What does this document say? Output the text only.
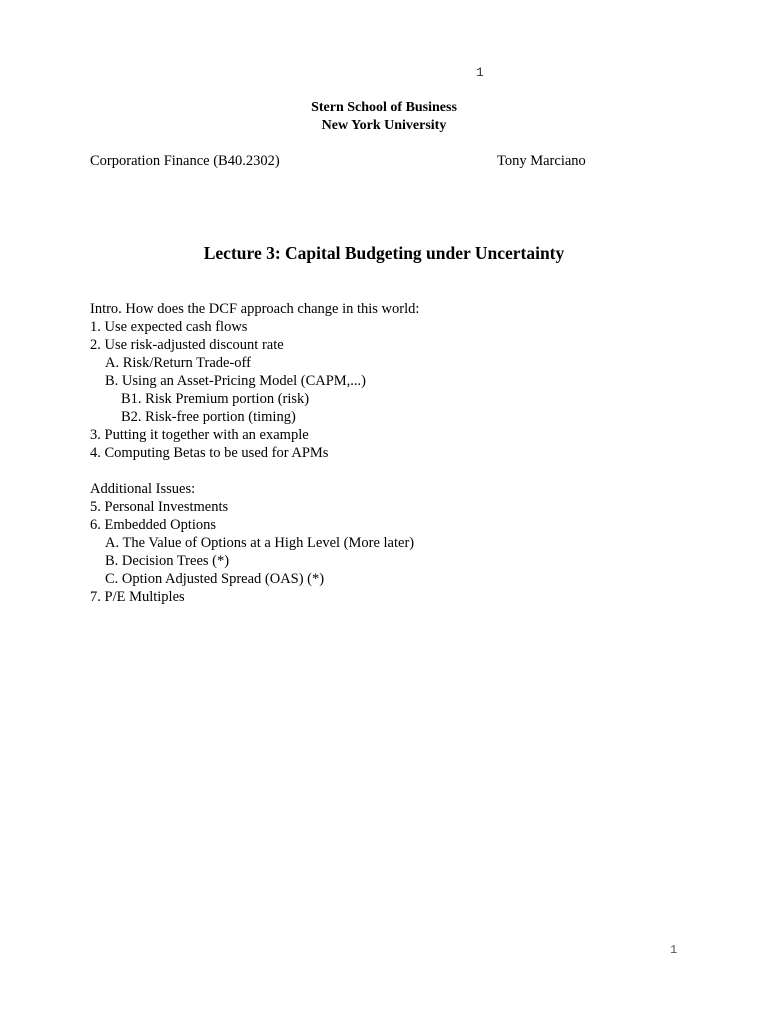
1
Stern School of Business
New York University
Corporation Finance (B40.2302)	Tony Marciano
Lecture 3: Capital Budgeting under Uncertainty
Intro. How does the DCF approach change in this world:
1. Use expected cash flows
2. Use risk-adjusted discount rate
A. Risk/Return Trade-off
B. Using an Asset-Pricing Model (CAPM,...)
B1. Risk Premium portion (risk)
B2. Risk-free portion (timing)
3. Putting it together with an example
4. Computing Betas to be used for APMs
Additional Issues:
5. Personal Investments
6. Embedded Options
A. The Value of Options at a High Level (More later)
B. Decision Trees (*)
C. Option Adjusted Spread (OAS) (*)
7. P/E Multiples
1
